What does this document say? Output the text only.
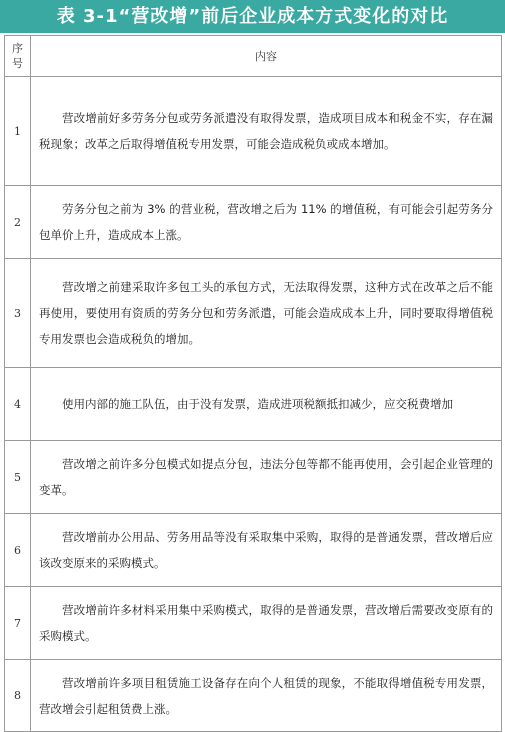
表 3-1“营改增”前后企业成本方式变化的对比
序号	内容
1	营改增前好多劳务分包或劳务派遣没有取得发票，造成项目成本和税金不实，存在漏税现象；改革之后取得增值税专用发票，可能会造成税负或成本增加。
2	劳务分包之前为 3% 的营业税，营改增之后为 11% 的增值税，有可能会引起劳务分包单价上升，造成成本上涨。
3	营改增之前建采取许多包工头的承包方式，无法取得发票，这种方式在改革之后不能再使用，要使用有资质的劳务分包和劳务派遣，可能会造成成本上升，同时要取得增值税专用发票也会造成税负的增加。
4	使用内部的施工队伍，由于没有发票，造成进项税额抵扣减少，应交税费增加
5	营改增之前许多分包模式如提点分包，违法分包等都不能再使用，会引起企业管理的变革。
6	营改增前办公用品、劳务用品等没有采取集中采购，取得的是普通发票，营改增后应该改变原来的采购模式。
7	营改增前许多材料采用集中采购模式，取得的是普通发票，营改增后需要改变原有的采购模式。
8	营改增前许多项目租赁施工设备存在向个人租赁的现象，不能取得增值税专用发票，营改增会引起租赁费上涨。
